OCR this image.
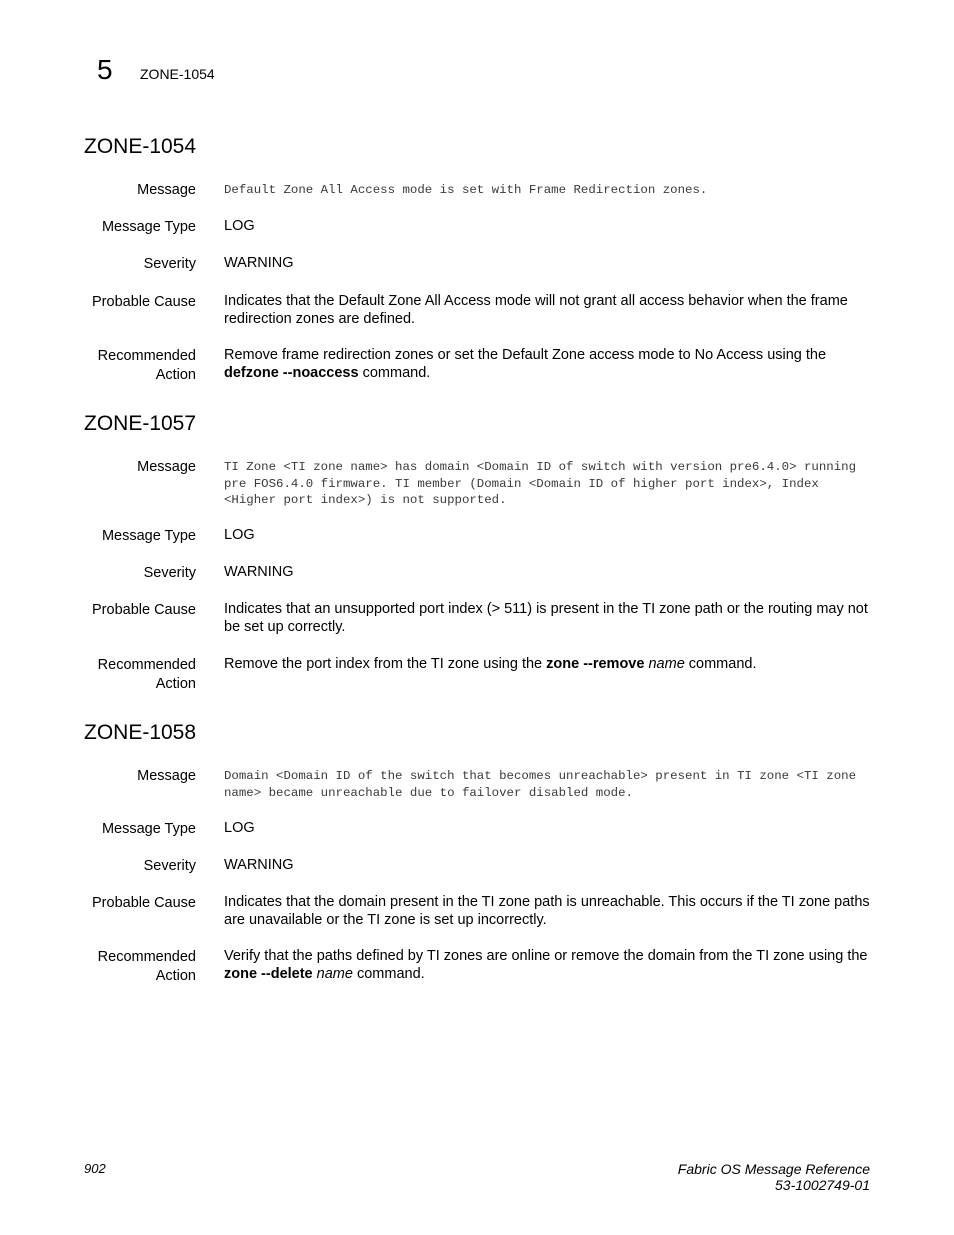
5 ZONE-1054
ZONE-1054
Message Default Zone All Access mode is set with Frame Redirection zones.
Message Type LOG
Severity WARNING
Probable Cause Indicates that the Default Zone All Access mode will not grant all access behavior when the frame redirection zones are defined.
Recommended
Action
Remove frame redirection zones or set the Default Zone access mode to No Access using the defzone --noaccess command.
ZONE-1057
Message TI Zone <TI zone name> has domain <Domain ID of switch with version pre6.4.0> running pre FOS6.4.0 firmware. TI member (Domain <Domain ID of higher port index>, Index <Higher port index>) is not supported.
Message Type LOG
Severity WARNING
Probable Cause Indicates that an unsupported port index (> 511) is present in the TI zone path or the routing may not be set up correctly.
Recommended
Action
Remove the port index from the TI zone using the zone --remove name command.
ZONE-1058
Message Domain <Domain ID of the switch that becomes unreachable> present in TI zone <TI zone name> became unreachable due to failover disabled mode.
Message Type LOG
Severity WARNING
Probable Cause Indicates that the domain present in the TI zone path is unreachable. This occurs if the TI zone paths are unavailable or the TI zone is set up incorrectly.
Recommended
Action
Verify that the paths defined by TI zones are online or remove the domain from the TI zone using the zone --delete name command.
902	Fabric OS Message Reference
53-1002749-01
